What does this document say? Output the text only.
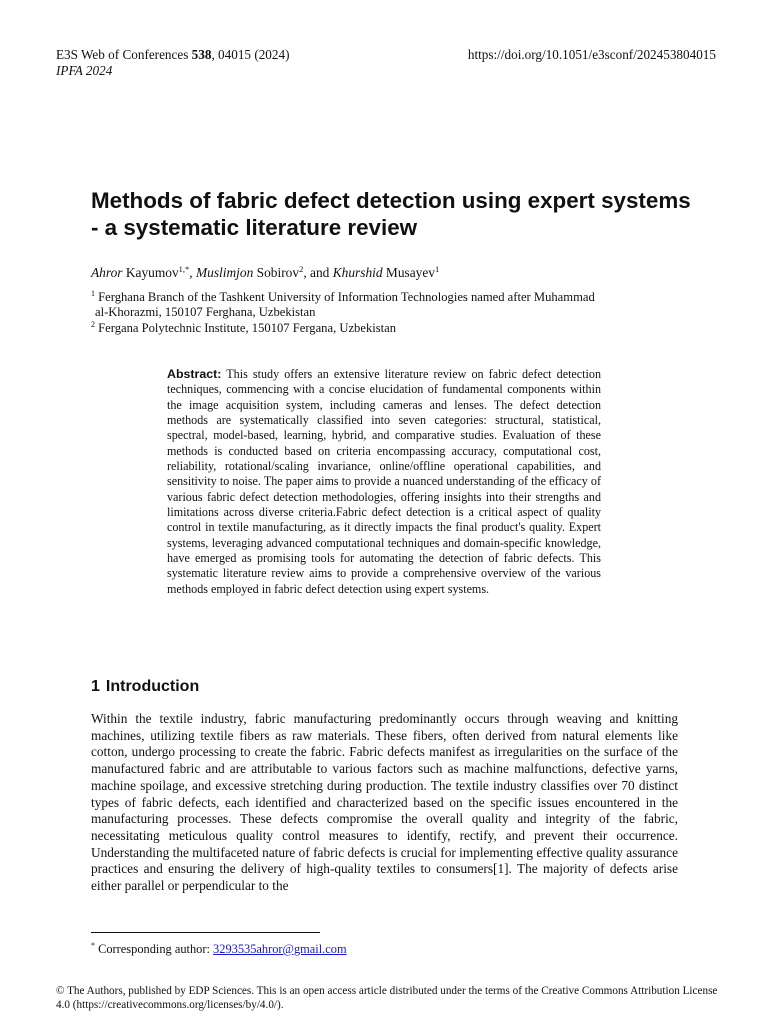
E3S Web of Conferences 538, 04015 (2024)
IPFA 2024
https://doi.org/10.1051/e3sconf/202453804015
Methods of fabric defect detection using expert systems - a systematic literature review
Ahror Kayumov$^{1,*}$, Muslimjon Sobirov$^2$, and Khurshid Musayev$^1$

$^1$ Ferghana Branch of the Tashkent University of Information Technologies named after Muhammad

al-Khorazmi, 150107 Ferghana, Uzbekistan

$^2$ Fergana Polytechnic Institute, 150107 Fergana, Uzbekistan

Abstract: This study offers an extensive literature review on fabric defect detection techniques, commencing with a concise elucidation of fundamental components within the image acquisition system, including cameras and lenses. The defect detection methods are systematically classified into seven categories: structural, statistical, spectral, model-based, learning, hybrid, and comparative studies. Evaluation of these methods is conducted based on criteria encompassing accuracy, computational cost, reliability, rotational/scaling invariance, online/offline operational capabilities, and sensitivity to noise. The paper aims to provide a nuanced understanding of the efficacy of various fabric defect detection methodologies, offering insights into their strengths and limitations across diverse criteria.Fabric defect detection is a critical aspect of quality control in textile manufacturing, as it directly impacts the final product's quality. Expert systems, leveraging advanced computational techniques and domain-specific knowledge, have emerged as promising tools for automating the detection of fabric defects. This systematic literature review aims to provide a comprehensive overview of the various methods employed in fabric defect detection using expert systems.

1 Introduction

Within the textile industry, fabric manufacturing predominantly occurs through weaving and knitting machines, utilizing textile fibers as raw materials. These fibers, often derived from natural elements like cotton, undergo processing to create the fabric. Fabric defects manifest as irregularities on the surface of the manufactured fabric and are attributable to various factors such as machine malfunctions, defective yarns, machine spoilage, and excessive stretching during production. The textile industry classifies over 70 distinct types of fabric defects, each identified and characterized based on the specific issues encountered in the manufacturing processes. These defects compromise the overall quality and integrity of the fabric, necessitating meticulous quality control measures to identify, rectify, and prevent their occurrence. Understanding the multifaceted nature of fabric defects is crucial for implementing effective quality assurance practices and ensuring the delivery of high-quality textiles to consumers[1]. The majority of defects arise either parallel or perpendicular to the

* Corresponding author: 3293535ahror@gmail.com

© The Authors, published by EDP Sciences. This is an open access article distributed under the terms of the Creative Commons Attribution License 4.0 (https://creativecommons.org/licenses/by/4.0/).
